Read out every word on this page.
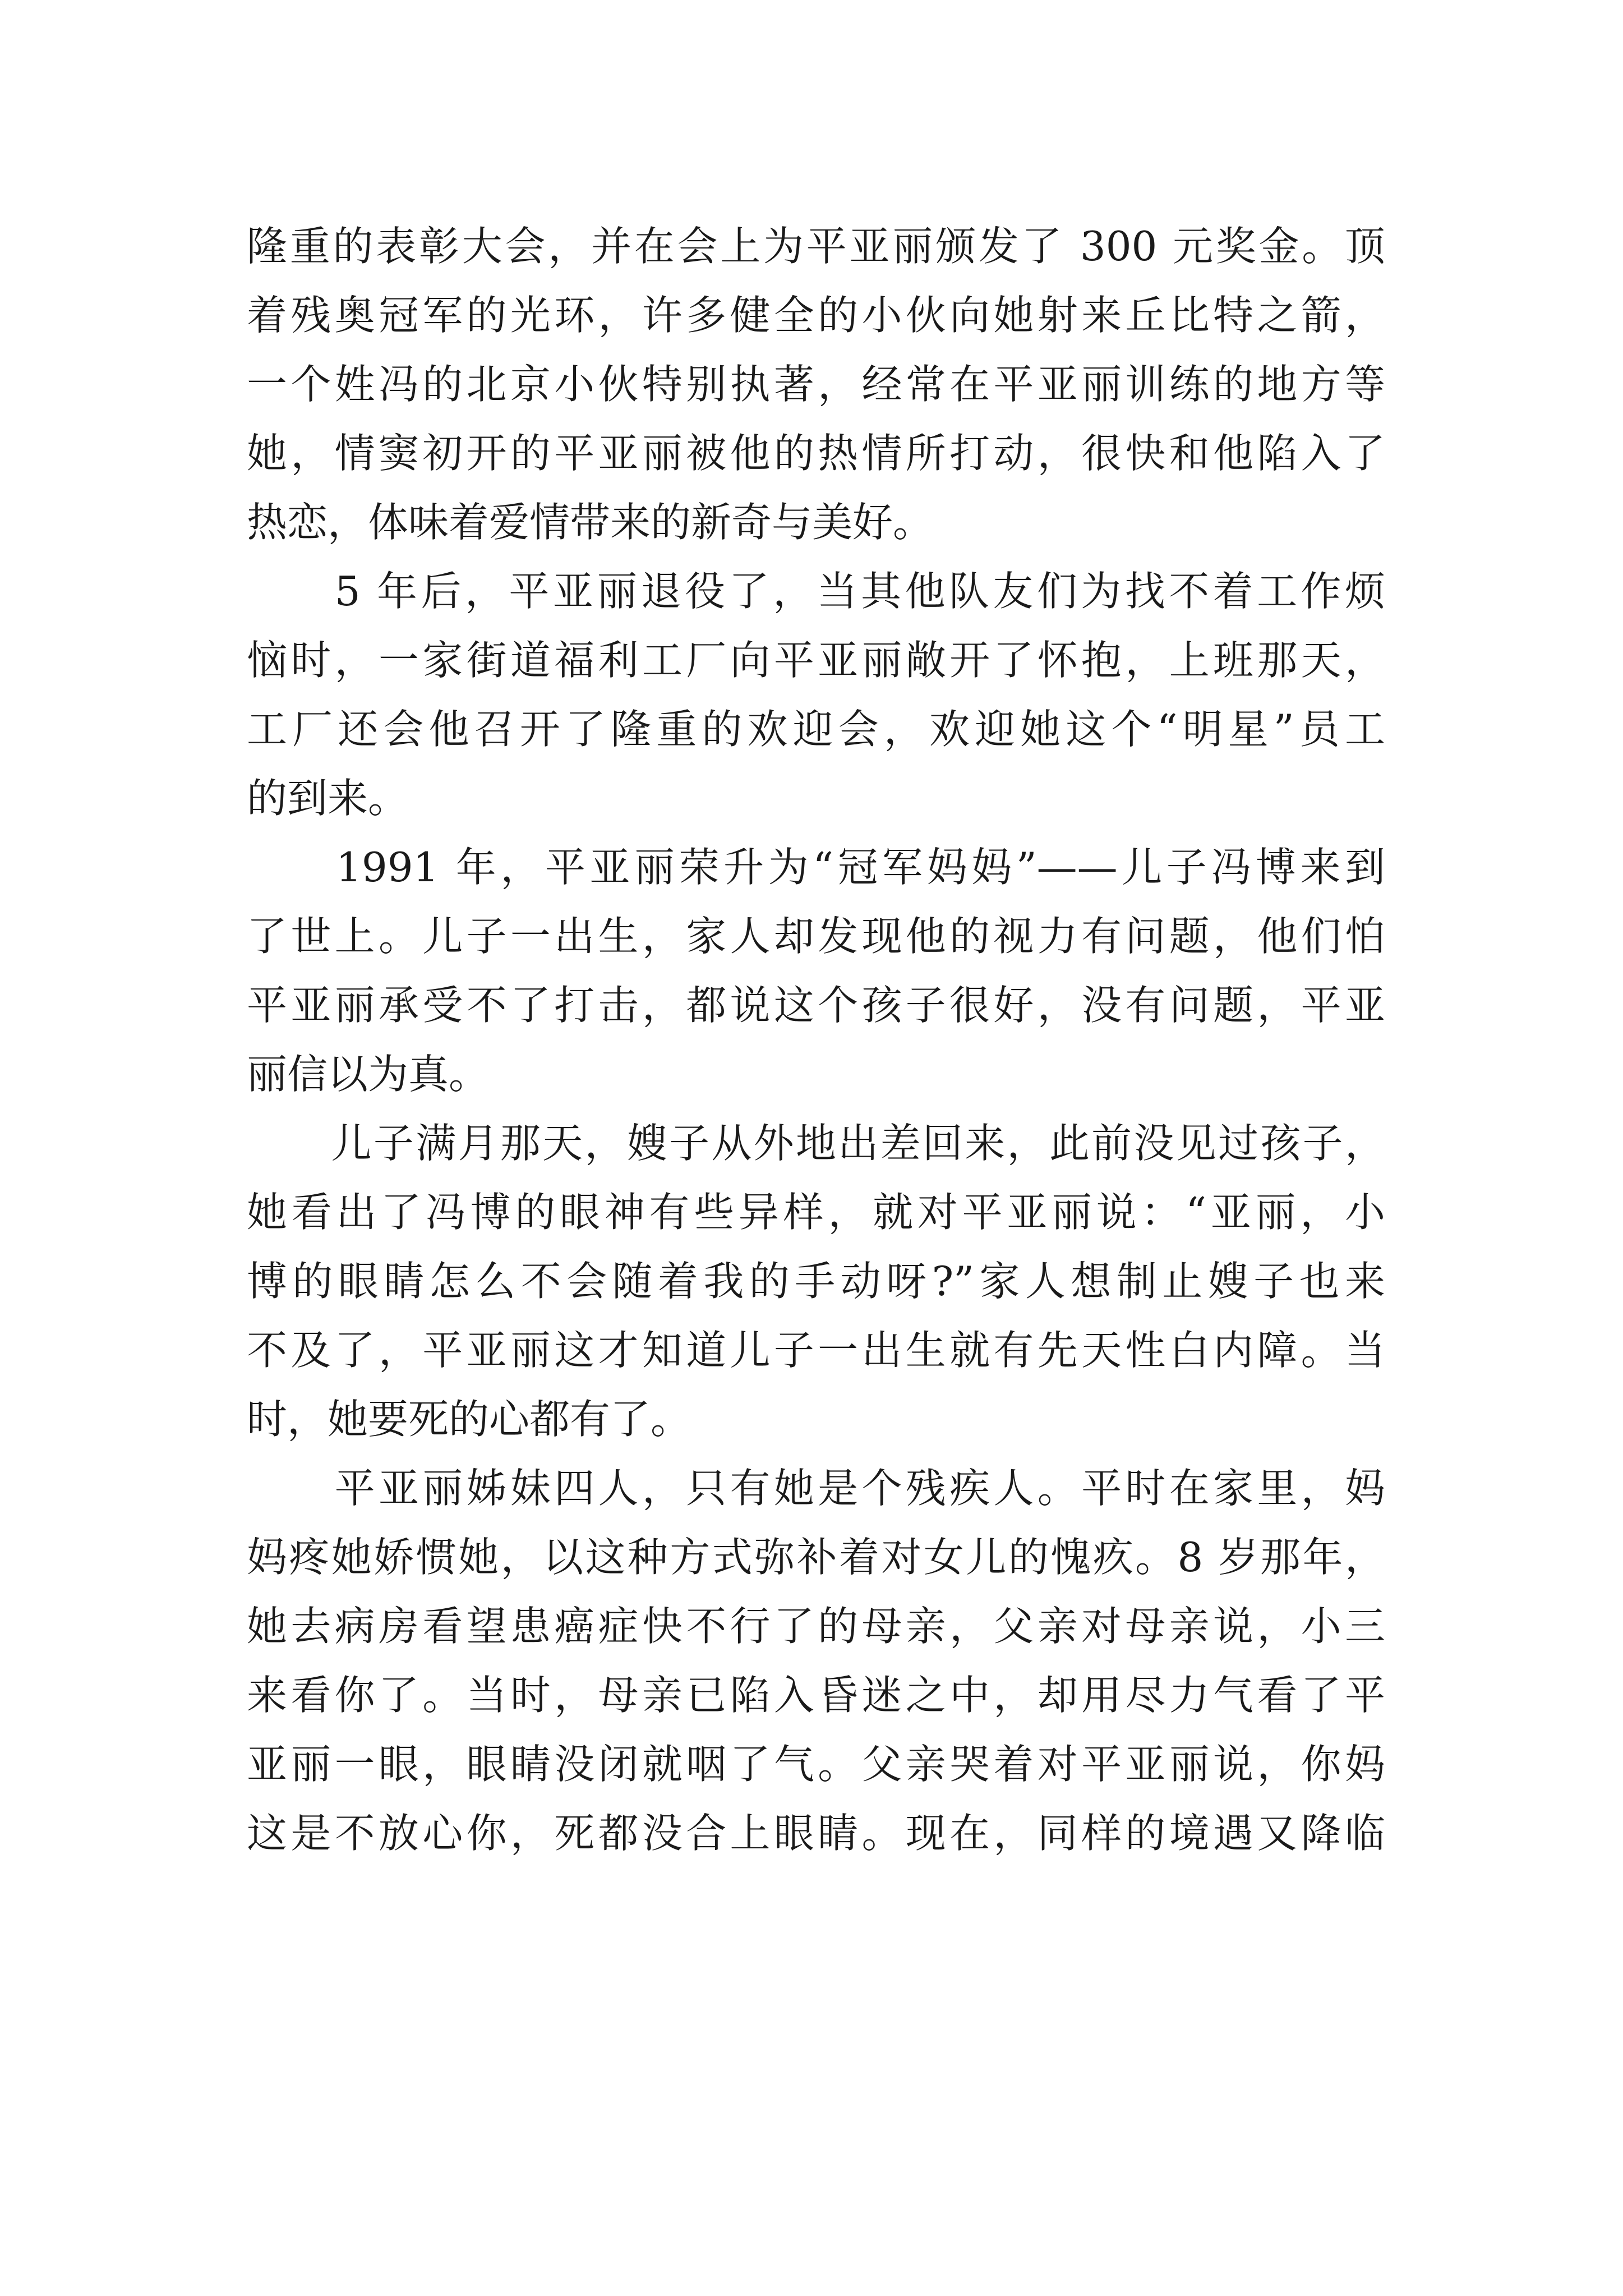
隆重的表彰大会，并在会上为平亚丽颁发了 300 元奖金。顶
着残奥冠军的光环，许多健全的小伙向她射来丘比特之箭，
一个姓冯的北京小伙特别执著，经常在平亚丽训练的地方等
她，情窦初开的平亚丽被他的热情所打动，很快和他陷入了
热恋，体味着爱情带来的新奇与美好。
　　5 年后，平亚丽退役了，当其他队友们为找不着工作烦
恼时，一家街道福利工厂向平亚丽敞开了怀抱，上班那天，
工厂还会他召开了隆重的欢迎会，欢迎她这个“明星”员工
的到来。
　　1991 年，平亚丽荣升为“冠军妈妈”——儿子冯博来到
了世上。儿子一出生，家人却发现他的视力有问题，他们怕
平亚丽承受不了打击，都说这个孩子很好，没有问题，平亚
丽信以为真。
　　儿子满月那天，嫂子从外地出差回来，此前没见过孩子，
她看出了冯博的眼神有些异样，就对平亚丽说：“亚丽，小
博的眼睛怎么不会随着我的手动呀?”家人想制止嫂子也来
不及了，平亚丽这才知道儿子一出生就有先天性白内障。当
时，她要死的心都有了。
　　平亚丽姊妹四人，只有她是个残疾人。平时在家里，妈
妈疼她娇惯她，以这种方式弥补着对女儿的愧疚。8 岁那年，
她去病房看望患癌症快不行了的母亲，父亲对母亲说，小三
来看你了。当时，母亲已陷入昏迷之中，却用尽力气看了平
亚丽一眼，眼睛没闭就咽了气。父亲哭着对平亚丽说，你妈
这是不放心你，死都没合上眼睛。现在，同样的境遇又降临
